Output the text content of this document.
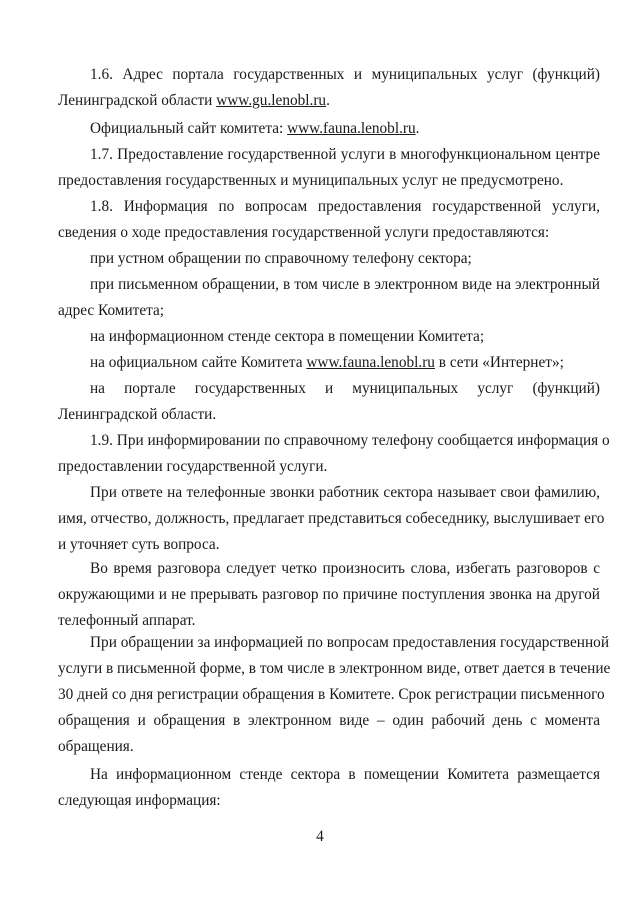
1.6. Адрес портала государственных и муниципальных услуг (функций)
Ленинградской области www.gu.lenobl.ru.
Официальный сайт комитета: www.fauna.lenobl.ru.
1.7. Предоставление государственной услуги в многофункциональном центре
предоставления государственных и муниципальных услуг не предусмотрено.
1.8. Информация по вопросам предоставления государственной услуги,
сведения о ходе предоставления государственной услуги предоставляются:
при устном обращении по справочному телефону сектора;
при письменном обращении, в том числе в электронном виде на электронный
адрес Комитета;
на информационном стенде сектора в помещении Комитета;
на официальном сайте Комитета www.fauna.lenobl.ru в сети «Интернет»;
на портале государственных и муниципальных услуг (функций)
Ленинградской области.
1.9. При информировании по справочному телефону сообщается информация о
предоставлении государственной услуги.
При ответе на телефонные звонки работник сектора называет свои фамилию,
имя, отчество, должность, предлагает представиться собеседнику, выслушивает его
и уточняет суть вопроса.
Во время разговора следует четко произносить слова, избегать разговоров с
окружающими и не прерывать разговор по причине поступления звонка на другой
телефонный аппарат.
При обращении за информацией по вопросам предоставления государственной
услуги в письменной форме, в том числе в электронном виде, ответ дается в течение
30 дней со дня регистрации обращения в Комитете. Срок регистрации письменного
обращения и обращения в электронном виде – один рабочий день с момента
обращения.
На информационном стенде сектора в помещении Комитета размещается
следующая информация:
4
